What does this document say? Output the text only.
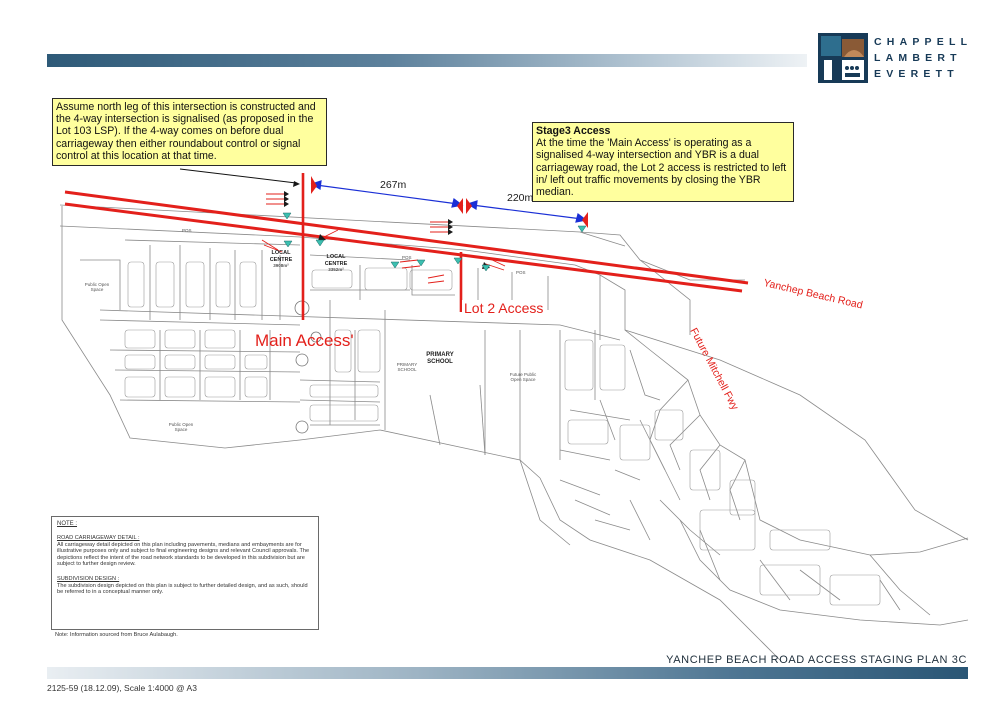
CHAPPELL
LAMBERT
EVERETT
LOCAL CENTRE
3908m²
LOCAL CENTRE
3352m²
PRIMARY SCHOOL
PRIMARY SCHOOL
Public Open Space
Public Open Space
Future Public Open Space
POS
POS
POS
Assume north leg of this intersection is constructed and the 4-way intersection is signalised (as proposed in the Lot 103 LSP). If the 4-way comes on before dual carriageway then either roundabout control or signal control at this location at that time.
Stage3 Access
At the time the 'Main Access' is operating as a signalised 4-way intersection and YBR is a dual carriageway road, the Lot 2 access is restricted to left in/ left out traffic movements by closing the YBR median.
267m
220m
Main Access'
Lot 2 Access	Yanchep Beach Road
Future Mitchell Fwy
NOTE :
ROAD CARRIAGEWAY DETAIL :

All carriageway detail depicted on this plan including pavements, medians and embayments are for illustrative purposes only and subject to final engineering designs and relevant Council approvals. The depictions reflect the intent of the road network standards to be developed in this subdivision but are subject to further design review.

SUBDIVISION DESIGN :

The subdivision design depicted on this plan is subject to further detailed design, and as such, should be referred to in a conceptual manner only.

Note: Information sourced from Bruce Aulabaugh.
YANCHEP BEACH ROAD ACCESS STAGING PLAN 3C
2125-59 (18.12.09), Scale 1:4000 @ A3
